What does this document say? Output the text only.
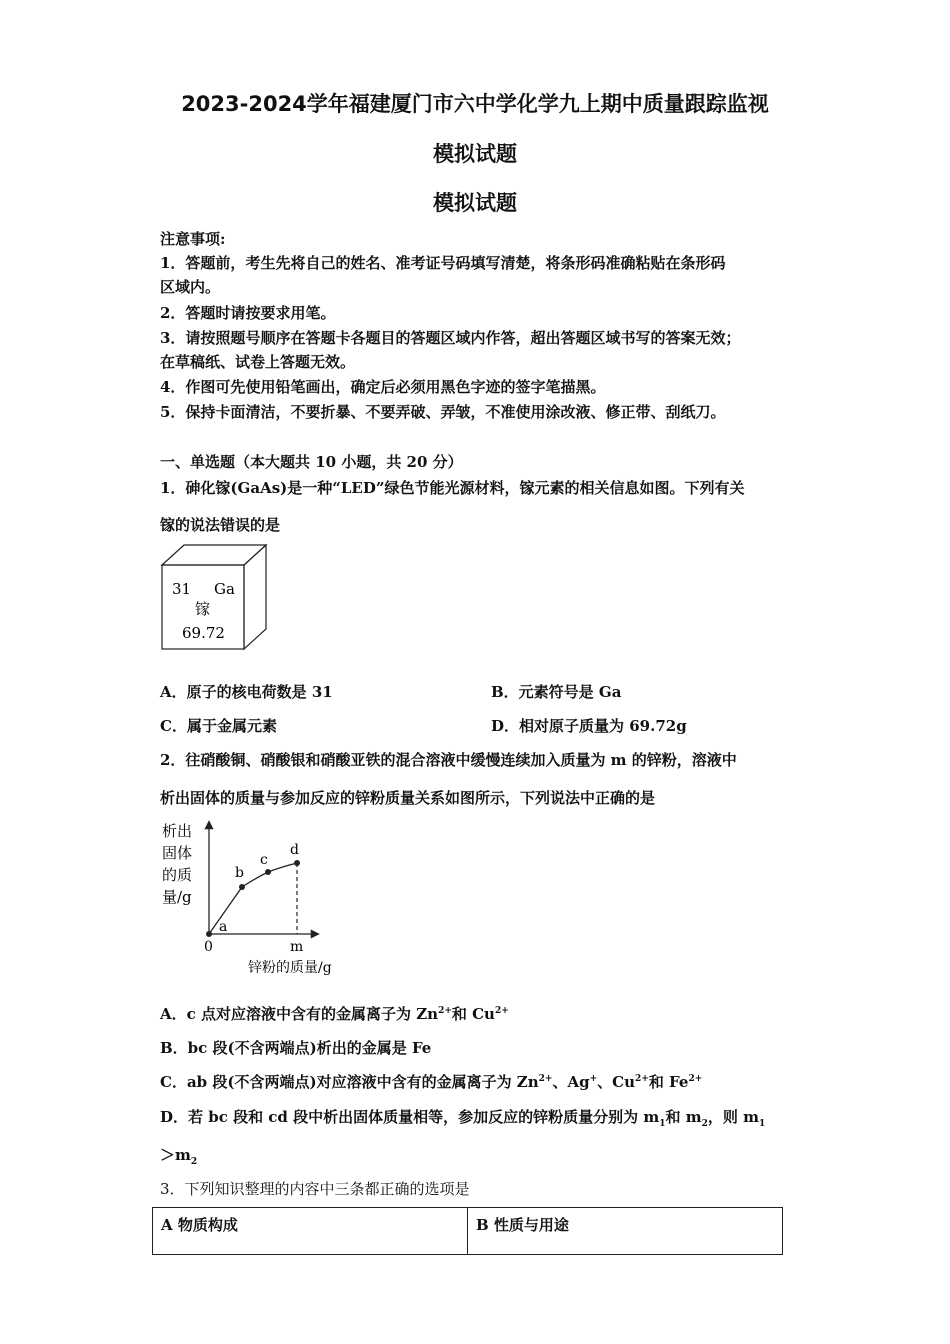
2023-2024学年福建厦门市六中学化学九上期中质量跟踪监视
模拟试题
模拟试题
注意事项:
1．答题前，考生先将自己的姓名、准考证号码填写清楚，将条形码准确粘贴在条形码
区域内。
2．答题时请按要求用笔。
3．请按照题号顺序在答题卡各题目的答题区域内作答，超出答题区域书写的答案无效；
在草稿纸、试卷上答题无效。
4．作图可先使用铅笔画出，确定后必须用黑色字迹的签字笔描黑。
5．保持卡面清洁，不要折暴、不要弄破、弄皱，不准使用涂改液、修正带、刮纸刀。
一、单选题（本大题共 10 小题，共 20 分）
1．砷化镓(GaAs)是一种“LED”绿色节能光源材料，镓元素的相关信息如图。下列有关
镓的说法错误的是
31 Ga
镓
69.72
A．原子的核电荷数是 31	B．元素符号是 Ga
C．属于金属元素	D．相对原子质量为 69.72g
2．往硝酸铜、硝酸银和硝酸亚铁的混合溶液中缓慢连续加入质量为 m 的锌粉，溶液中
析出固体的质量与参加反应的锌粉质量关系如图所示，下列说法中正确的是
析出
固体
的质
量/g
a
b
c
d
0	m
锌粉的质量/g
A．c 点对应溶液中含有的金属离子为 $Zn^{2+}$和 $Cu^{2+}$
B．bc 段(不含两端点)析出的金属是 Fe
C．ab 段(不含两端点)对应溶液中含有的金属离子为 $Zn^{2+}$、Ag+、$Cu^{2+}$和 $Fe^{2+}$
D．若 bc 段和 cd 段中析出固体质量相等，参加反应的锌粉质量分别为 $m_1$和 $m_2$，则 $m_1$
$>m_2$
3．下列知识整理的内容中三条都正确的选项是
A 物质构成	B 性质与用途
